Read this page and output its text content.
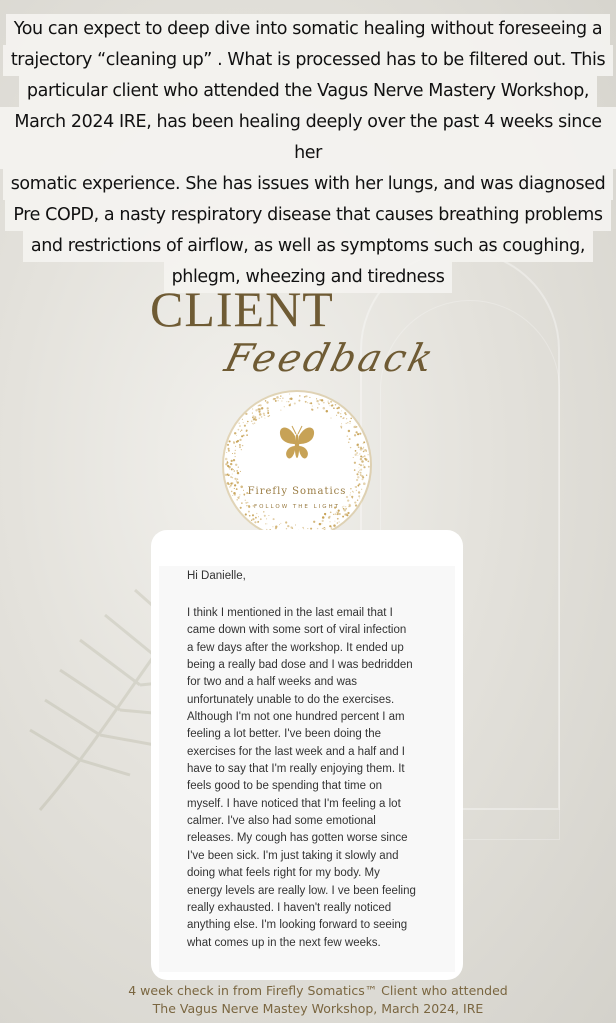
You can expect to deep dive into somatic healing without foreseeing a
trajectory “cleaning up” . What is processed has to be filtered out. This
particular client who attended the Vagus Nerve Mastery Workshop,
March 2024 IRE, has been healing deeply over the past 4 weeks since her
somatic experience. She has issues with her lungs, and was diagnosed
Pre COPD, a nasty respiratory disease that causes breathing problems
and restrictions of airflow, as well as symptoms such as coughing,
phlegm, wheezing and tiredness
CLIENT
Feedback
Firefly Somatics
FOLLOW THE LIGHT
Hi Danielle,
I think I mentioned in the last email that I
came down with some sort of viral infection
a few days after the workshop. It ended up
being a really bad dose and I was bedridden
for two and a half weeks and was
unfortunately unable to do the exercises.
Although I'm not one hundred percent I am
feeling a lot better. I've been doing the
exercises for the last week and a half and I
have to say that I'm really enjoying them. It
feels good to be spending that time on
myself. I have noticed that I'm feeling a lot
calmer. I've also had some emotional
releases. My cough has gotten worse since
I've been sick. I'm just taking it slowly and
doing what feels right for my body. My
energy levels are really low. I ve been feeling
really exhausted. I haven't really noticed
anything else. I'm looking forward to seeing
what comes up in the next few weeks.
4 week check in from Firefly Somatics™ Client who attended
The Vagus Nerve Mastey Workshop, March 2024, IRE
